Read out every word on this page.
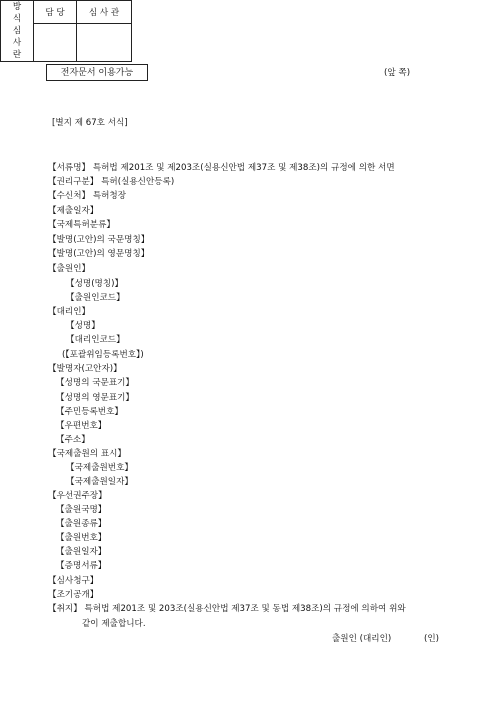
전자문서 이용가능	(앞 쪽)
[별지 제 67호 서식]
방
식
심
사
란	담 당	심 사 관

【서류명】 특허법 제201조 및 제203조(실용신안법 제37조 및 제38조)의 규정에 의한 서면
【권리구분】 특허(실용신안등록)
【수신처】 특허청장
【제출일자】
【국제특허분류】
【발명(고안)의 국문명칭】
【발명(고안)의 영문명칭】
【출원인】
【성명(명칭)】
【출원인코드】
【대리인】
【성명】
【대리인코드】
(【포괄위임등록번호】)
【발명자(고안자)】
【성명의 국문표기】
【성명의 영문표기】
【주민등록번호】
【우편번호】
【주소】
【국제출원의 표시】
【국제출원번호】
【국제출원일자】
【우선권주장】
【출원국명】
【출원종류】
【출원번호】
【출원일자】
【증명서류】
【심사청구】
【조기공개】
【취지】 특허법 제201조 및 203조(실용신안법 제37조 및 동법 제38조)의 규정에 의하여 위와
같이 제출합니다.
출원인 (대리인)	(인)
